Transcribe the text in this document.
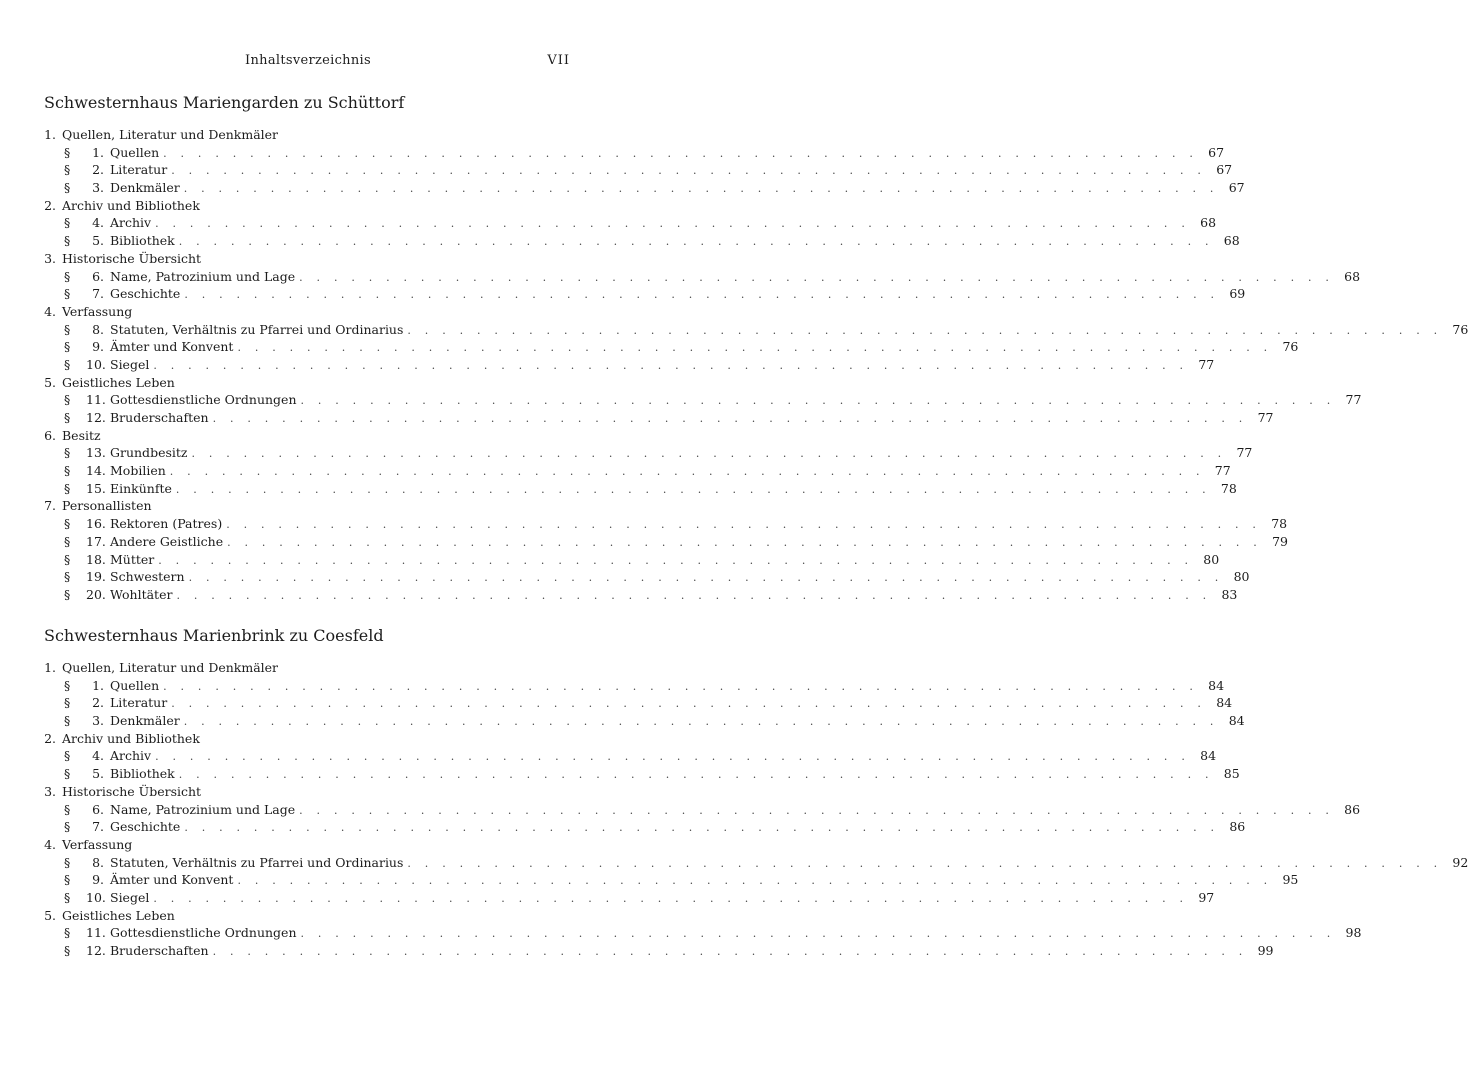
Inhaltsverzeichnis	VII
Schwesternhaus Mariengarden zu Schüttorf
1. Quellen, Literatur und Denkmäler
§ 1. Quellen . . . . . . . . . . . . . . . . . . . . . . . . . . . . . . . . . . . . . . . . . . . . . . . . . . . . . . . . . . . . 67
§ 2. Literatur . . . . . . . . . . . . . . . . . . . . . . . . . . . . . . . . . . . . . . . . . . . . . . . . . . . . . . . . . . . . 67
§ 3. Denkmäler . . . . . . . . . . . . . . . . . . . . . . . . . . . . . . . . . . . . . . . . . . . . . . . . . . . . . . . . . . . . 67
2. Archiv und Bibliothek
§ 4. Archiv . . . . . . . . . . . . . . . . . . . . . . . . . . . . . . . . . . . . . . . . . . . . . . . . . . . . . . . . . . . . 68
§ 5. Bibliothek . . . . . . . . . . . . . . . . . . . . . . . . . . . . . . . . . . . . . . . . . . . . . . . . . . . . . . . . . . . . 68
3. Historische Übersicht
§ 6. Name, Patrozinium und Lage . . . . . . . . . . . . . . . . . . . . . . . . . . . . . . . . . . . . . . . . . . . . . . . . . . . . . . . . . . . . 68
§ 7. Geschichte . . . . . . . . . . . . . . . . . . . . . . . . . . . . . . . . . . . . . . . . . . . . . . . . . . . . . . . . . . . . 69
4. Verfassung
§ 8. Statuten, Verhältnis zu Pfarrei und Ordinarius . . . . . . . . . . . . . . . . . . . . . . . . . . . . . . . . . . . . . . . . . . . . . . . . . . . . . . . . . . . . 76
§ 9. Ämter und Konvent . . . . . . . . . . . . . . . . . . . . . . . . . . . . . . . . . . . . . . . . . . . . . . . . . . . . . . . . . . . . 76
§ 10. Siegel . . . . . . . . . . . . . . . . . . . . . . . . . . . . . . . . . . . . . . . . . . . . . . . . . . . . . . . . . . . . 77
5. Geistliches Leben
§ 11. Gottesdienstliche Ordnungen . . . . . . . . . . . . . . . . . . . . . . . . . . . . . . . . . . . . . . . . . . . . . . . . . . . . . . . . . . . . 77
§ 12. Bruderschaften . . . . . . . . . . . . . . . . . . . . . . . . . . . . . . . . . . . . . . . . . . . . . . . . . . . . . . . . . . . . 77
6. Besitz
§ 13. Grundbesitz . . . . . . . . . . . . . . . . . . . . . . . . . . . . . . . . . . . . . . . . . . . . . . . . . . . . . . . . . . . . 77
§ 14. Mobilien . . . . . . . . . . . . . . . . . . . . . . . . . . . . . . . . . . . . . . . . . . . . . . . . . . . . . . . . . . . . 77
§ 15. Einkünfte . . . . . . . . . . . . . . . . . . . . . . . . . . . . . . . . . . . . . . . . . . . . . . . . . . . . . . . . . . . . 78
7. Personallisten
§ 16. Rektoren (Patres) . . . . . . . . . . . . . . . . . . . . . . . . . . . . . . . . . . . . . . . . . . . . . . . . . . . . . . . . . . . . 78
§ 17. Andere Geistliche . . . . . . . . . . . . . . . . . . . . . . . . . . . . . . . . . . . . . . . . . . . . . . . . . . . . . . . . . . . . 79
§ 18. Mütter . . . . . . . . . . . . . . . . . . . . . . . . . . . . . . . . . . . . . . . . . . . . . . . . . . . . . . . . . . . . 80
§ 19. Schwestern . . . . . . . . . . . . . . . . . . . . . . . . . . . . . . . . . . . . . . . . . . . . . . . . . . . . . . . . . . . . 80
§ 20. Wohltäter . . . . . . . . . . . . . . . . . . . . . . . . . . . . . . . . . . . . . . . . . . . . . . . . . . . . . . . . . . . . 83
Schwesternhaus Marienbrink zu Coesfeld
1. Quellen, Literatur und Denkmäler
§ 1. Quellen . . . . . . . . . . . . . . . . . . . . . . . . . . . . . . . . . . . . . . . . . . . . . . . . . . . . . . . . . . . . 84
§ 2. Literatur . . . . . . . . . . . . . . . . . . . . . . . . . . . . . . . . . . . . . . . . . . . . . . . . . . . . . . . . . . . . 84
§ 3. Denkmäler . . . . . . . . . . . . . . . . . . . . . . . . . . . . . . . . . . . . . . . . . . . . . . . . . . . . . . . . . . . . 84
2. Archiv und Bibliothek
§ 4. Archiv . . . . . . . . . . . . . . . . . . . . . . . . . . . . . . . . . . . . . . . . . . . . . . . . . . . . . . . . . . . . 84
§ 5. Bibliothek . . . . . . . . . . . . . . . . . . . . . . . . . . . . . . . . . . . . . . . . . . . . . . . . . . . . . . . . . . . . 85
3. Historische Übersicht
§ 6. Name, Patrozinium und Lage . . . . . . . . . . . . . . . . . . . . . . . . . . . . . . . . . . . . . . . . . . . . . . . . . . . . . . . . . . . . 86
§ 7. Geschichte . . . . . . . . . . . . . . . . . . . . . . . . . . . . . . . . . . . . . . . . . . . . . . . . . . . . . . . . . . . . 86
4. Verfassung
§ 8. Statuten, Verhältnis zu Pfarrei und Ordinarius . . . . . . . . . . . . . . . . . . . . . . . . . . . . . . . . . . . . . . . . . . . . . . . . . . . . . . . . . . . . 92
§ 9. Ämter und Konvent . . . . . . . . . . . . . . . . . . . . . . . . . . . . . . . . . . . . . . . . . . . . . . . . . . . . . . . . . . . . 95
§ 10. Siegel . . . . . . . . . . . . . . . . . . . . . . . . . . . . . . . . . . . . . . . . . . . . . . . . . . . . . . . . . . . . 97
5. Geistliches Leben
§ 11. Gottesdienstliche Ordnungen . . . . . . . . . . . . . . . . . . . . . . . . . . . . . . . . . . . . . . . . . . . . . . . . . . . . . . . . . . . . 98
§ 12. Bruderschaften . . . . . . . . . . . . . . . . . . . . . . . . . . . . . . . . . . . . . . . . . . . . . . . . . . . . . . . . . . . . 99
